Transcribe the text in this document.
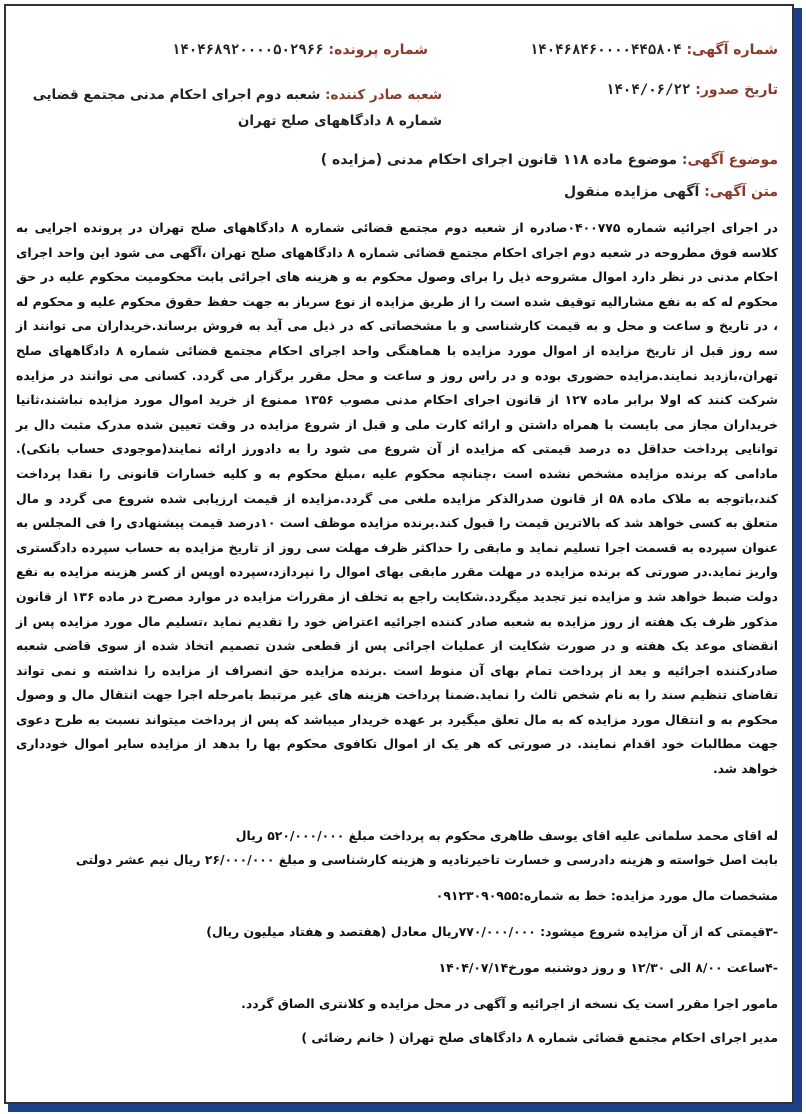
شماره آگهی: ۱۴۰۴۶۸۴۶۰۰۰۰۴۴۵۸۰۴
شماره پرونده: ۱۴۰۴۶۸۹۲۰۰۰۰۵۰۲۹۶۶
تاریخ صدور: ۱۴۰۴/۰۶/۲۲
شعبه صادر کننده: شعبه دوم اجرای احکام مدنی مجتمع قضایی شماره ۸ دادگاههای صلح تهران
موضوع آگهی: موضوع ماده ۱۱۸ قانون اجرای احکام مدنی (مزایده )
متن آگهی: آگهی مزایده منقول
در اجرای اجرائیه شماره ۰۴۰۰۷۷۵صادره از شعبه دوم مجتمع قضائی شماره ۸ دادگاههای صلح تهران در پرونده اجرایی به کلاسه فوق مطروحه در شعبه دوم اجرای احکام مجتمع قضائی شماره ۸ دادگاههای صلح تهران ،آگهی می شود این واحد اجرای احکام مدنی در نظر دارد اموال مشروحه ذیل را برای وصول محکوم به و هزینه های اجرائی بابت محکومیت محکوم علیه در حق محکوم له که به نفع مشارالیه توقیف شده است را از طریق مزایده از نوع سرباز به جهت حفظ حقوق محکوم علیه و محکوم له ، در تاریخ و ساعت و محل و به قیمت کارشناسی و با مشخصاتی که در ذیل می آید به فروش برساند.خریداران می توانند از سه روز قبل از تاریخ مزایده از اموال مورد مزایده با هماهنگی واحد اجرای احکام مجتمع قضائی شماره ۸ دادگاههای صلح تهران،بازدید نمایند.مزایده حضوری بوده و در راس روز و ساعت و محل مقرر برگزار می گردد. کسانی می توانند در مزایده شرکت کنند که اولا برابر ماده ۱۲۷ از قانون اجرای احکام مدنی مصوب ۱۳۵۶ ممنوع از خرید اموال مورد مزایده نباشند،ثانیا خریداران مجاز می بایست با همراه داشتن و ارائه کارت ملی و قبل از شروع مزایده در وقت تعیین شده مدرک مثبت دال بر توانایی پرداخت حداقل ده درصد قیمتی که مزایده از آن شروع می شود را به دادورز ارائه نمایند(موجودی حساب بانکی). مادامی که برنده مزایده مشخص نشده است ،چنانچه محکوم علیه ،مبلغ محکوم به و کلیه خسارات قانونی را نقدا پرداخت کند،باتوجه به ملاک ماده ۵۸ از قانون صدرالذکر مزایده ملغی می گردد.مزایده از قیمت ارزیابی شده شروع می گردد و مال متعلق به کسی خواهد شد که بالاترین قیمت را قبول کند.برنده مزایده موظف است ۱۰درصد قیمت پیشنهادی را فی المجلس به عنوان سپرده به قسمت اجرا تسلیم نماید و مابقی را حداکثر ظرف مهلت سی روز از تاریخ مزایده به حساب سپرده دادگستری واریز نماید.در صورتی که برنده مزایده در مهلت مقرر مابقی بهای اموال را نپردازد،سپرده اوپس از کسر هزینه مزایده به نفع دولت ضبط خواهد شد و مزایده نیز تجدید میگردد.شکایت راجع به تخلف از مقررات مزایده در موارد مصرح در ماده ۱۳۶ از قانون مذکور ظرف یک هفته از روز مزایده به شعبه صادر کننده اجرائیه اعتراض خود را تقدیم نماید ،تسلیم مال مورد مزایده پس از انقضای موعد یک هفته و در صورت شکایت از عملیات اجرائی پس از قطعی شدن تصمیم اتخاذ شده از سوی قاضی شعبه صادرکننده اجرائیه و بعد از پرداخت تمام بهای آن منوط است .برنده مزایده حق انصراف از مزایده را نداشته و نمی تواند تقاضای تنظیم سند را به نام شخص ثالث را نماید.ضمنا پرداخت هزینه های غیر مرتبط بامرحله اجرا جهت انتقال مال و وصول محکوم به و انتقال مورد مزایده که به مال تعلق میگیرد بر عهده خریدار میباشد که پس از پرداخت میتواند نسبت به طرح دعوی جهت مطالبات خود اقدام نمایند. در صورتی که هر یک از اموال تکافوی محکوم بها را بدهد از مزایده سایر اموال خودداری خواهد شد.
له اقای محمد سلمانی علیه اقای یوسف طاهری محکوم به پرداخت مبلغ ۵۲۰/۰۰۰/۰۰۰ ریال
بابت اصل خواسته و هزینه دادرسی و خسارت تاخیرتادیه و هزینه کارشناسی و مبلغ ۲۶/۰۰۰/۰۰۰ ریال نیم عشر دولتی
مشخصات مال مورد مزایده: خط به شماره:۰۹۱۲۳۰۹۰۹۵۵
-۳قیمتی که از آن مزایده شروع میشود: ۷۷۰/۰۰۰/۰۰۰ریال معادل (هفتصد و هفتاد میلیون ریال)
-۴ساعت ۸/۰۰ الی ۱۲/۳۰ و روز دوشنبه مورخ۱۴۰۴/۰۷/۱۴
مامور اجرا مقرر است یک نسخه از اجرائیه و آگهی در محل مزایده و کلانتری الصاق گردد.
مدیر اجرای احکام مجتمع قضائی شماره ۸ دادگاهای صلح تهران ( خانم رضائی )
